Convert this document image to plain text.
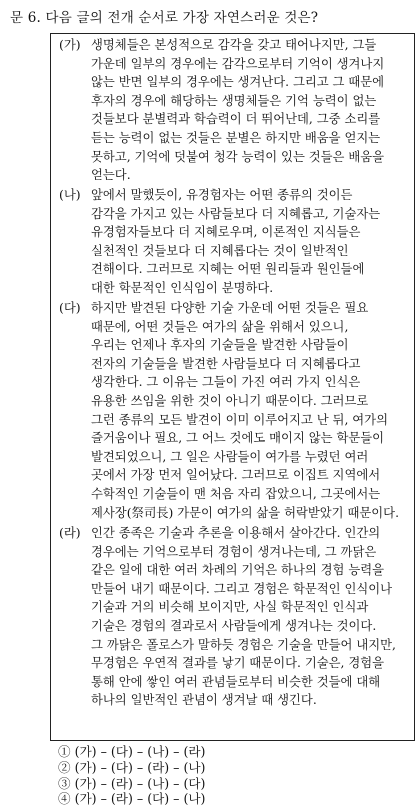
문 6. 다음 글의 전개 순서로 가장 자연스러운 것은?
(가) 생명체들은 본성적으로 감각을 갖고 태어나지만, 그들
가운데 일부의 경우에는 감각으로부터 기억이 생겨나지
않는 반면 일부의 경우에는 생겨난다. 그리고 그 때문에
후자의 경우에 해당하는 생명체들은 기억 능력이 없는
것들보다 분별력과 학습력이 더 뛰어난데, 그중 소리를
듣는 능력이 없는 것들은 분별은 하지만 배움을 얻지는
못하고, 기억에 덧붙여 청각 능력이 있는 것들은 배움을
얻는다.
(나) 앞에서 말했듯이, 유경험자는 어떤 종류의 것이든
감각을 가지고 있는 사람들보다 더 지혜롭고, 기술자는
유경험자들보다 더 지혜로우며, 이론적인 지식들은
실천적인 것들보다 더 지혜롭다는 것이 일반적인
견해이다. 그러므로 지혜는 어떤 원리들과 원인들에
대한 학문적인 인식임이 분명하다.
(다) 하지만 발견된 다양한 기술 가운데 어떤 것들은 필요
때문에, 어떤 것들은 여가의 삶을 위해서 있으니,
우리는 언제나 후자의 기술들을 발견한 사람들이
전자의 기술들을 발견한 사람들보다 더 지혜롭다고
생각한다. 그 이유는 그들이 가진 여러 가지 인식은
유용한 쓰임을 위한 것이 아니기 때문이다. 그러므로
그런 종류의 모든 발견이 이미 이루어지고 난 뒤, 여가의
즐거움이나 필요, 그 어느 것에도 매이지 않는 학문들이
발견되었으니, 그 일은 사람들이 여가를 누렸던 여러
곳에서 가장 먼저 일어났다. 그러므로 이집트 지역에서
수학적인 기술들이 맨 처음 자리 잡았으니, 그곳에서는
제사장(祭司長) 가문이 여가의 삶을 허락받았기 때문이다.
(라) 인간 종족은 기술과 추론을 이용해서 살아간다. 인간의
경우에는 기억으로부터 경험이 생겨나는데, 그 까닭은
같은 일에 대한 여러 차례의 기억은 하나의 경험 능력을
만들어 내기 때문이다. 그리고 경험은 학문적인 인식이나
기술과 거의 비슷해 보이지만, 사실 학문적인 인식과
기술은 경험의 결과로서 사람들에게 생겨나는 것이다.
그 까닭은 폴로스가 말하듯 경험은 기술을 만들어 내지만,
무경험은 우연적 결과를 낳기 때문이다. 기술은, 경험을
통해 안에 쌓인 여러 관념들로부터 비슷한 것들에 대해
하나의 일반적인 관념이 생겨날 때 생긴다.
① (가) – (다) – (나) – (라)
② (가) – (다) – (라) – (나)
③ (가) – (라) – (나) – (다)
④ (가) – (라) – (다) – (나)
